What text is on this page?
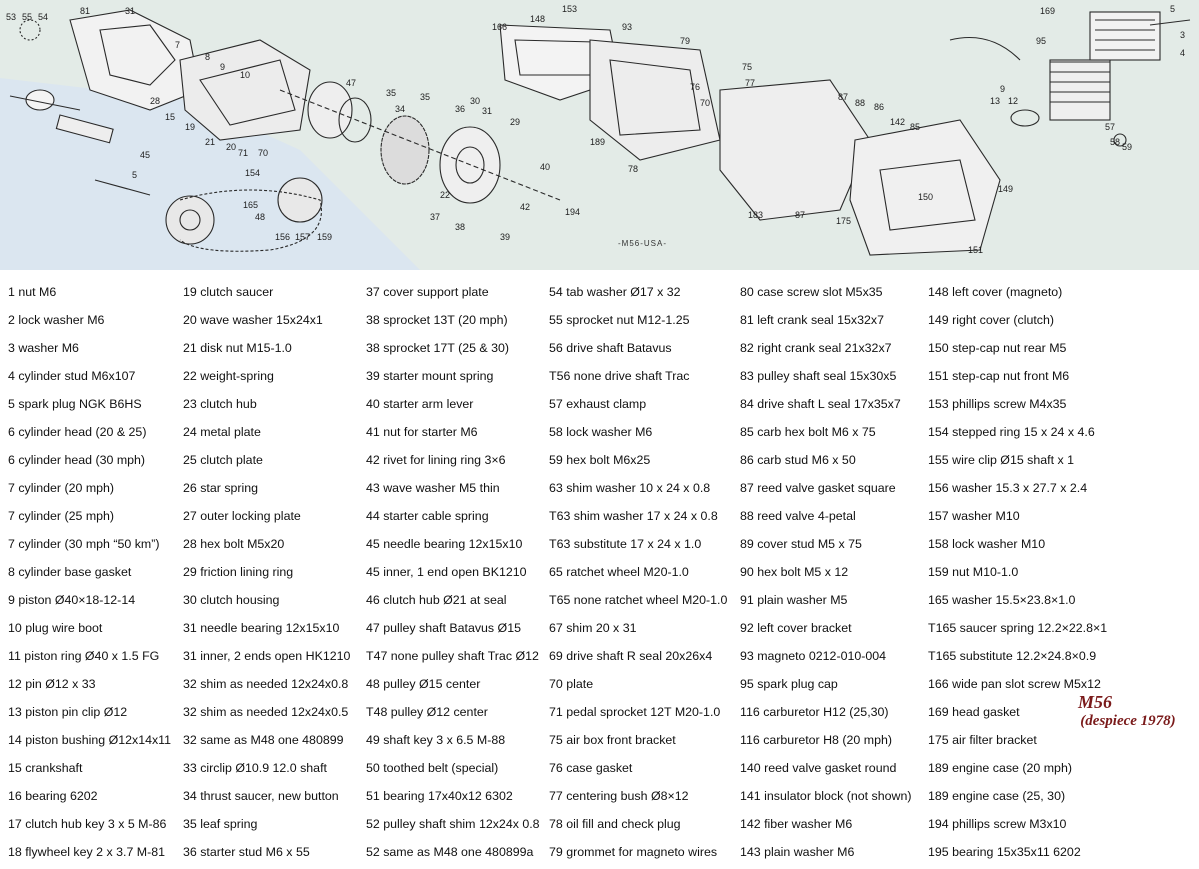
53 55 54
81	31
7
8
9
10
28
15
19
21 20
71 70
45
5	154
165
48
156 157 159
47
35
34
35
36
30
31
29
22
37
38
39
42
40
194
166
148
153
93
79
76
70
75
77
189
78
183	87
87
88 86
142 85
175
150
151
149
169
95
9
13 12
57
58 59
5
3
4
-M56-USA-
1 nut M6
2 lock washer M6
3 washer M6
4 cylinder stud M6x107
5 spark plug NGK B6HS
6 cylinder head (20 & 25)
6 cylinder head (30 mph)
7 cylinder (20 mph)
7 cylinder (25 mph)
7 cylinder (30 mph “50 km”)
8 cylinder base gasket
9 piston Ø40×18-12-14
10 plug wire boot
11 piston ring Ø40 x 1.5 FG
12 pin Ø12 x 33
13 piston pin clip Ø12
14 piston bushing Ø12x14x11
15 crankshaft
16 bearing 6202
17 clutch hub key 3 x 5 M-86
18 flywheel key 2 x 3.7 M-81
19 clutch saucer
20 wave washer 15x24x1
21 disk nut M15-1.0
22 weight-spring
23 clutch hub
24 metal plate
25 clutch plate
26 star spring
27 outer locking plate
28 hex bolt M5x20
29 friction lining ring
30 clutch housing
31 needle bearing 12x15x10
31 inner, 2 ends open HK1210
32 shim as needed 12x24x0.8
32 shim as needed 12x24x0.5
32 same as M48 one 480899
33 circlip Ø10.9 12.0 shaft
34 thrust saucer, new button
35 leaf spring
36 starter stud M6 x 55
37 cover support plate
38 sprocket 13T (20 mph)
38 sprocket 17T (25 & 30)
39 starter mount spring
40 starter arm lever
41 nut for starter M6
42 rivet for lining ring 3×6
43 wave washer M5 thin
44 starter cable spring
45 needle bearing 12x15x10
45 inner, 1 end open BK1210
46 clutch hub Ø21 at seal
47 pulley shaft Batavus Ø15
T47 none pulley shaft Trac Ø12
48 pulley Ø15 center
T48 pulley Ø12 center
49 shaft key 3 x 6.5 M-88
50 toothed belt (special)
51 bearing 17x40x12 6302
52 pulley shaft shim 12x24x 0.8
52 same as M48 one 480899a
54 tab washer Ø17 x 32
55 sprocket nut M12-1.25
56 drive shaft Batavus
T56 none drive shaft Trac
57 exhaust clamp
58 lock washer M6
59 hex bolt M6x25
63 shim washer 10 x 24 x 0.8
T63 shim washer 17 x 24 x 0.8
T63 substitute 17 x 24 x 1.0
65 ratchet wheel M20-1.0
T65 none ratchet wheel M20-1.0
67 shim 20 x 31
69 drive shaft R seal 20x26x4
70 plate
71 pedal sprocket 12T M20-1.0
75 air box front bracket
76 case gasket
77 centering bush Ø8×12
78 oil fill and check plug
79 grommet for magneto wires
80 case screw slot M5x35
81 left crank seal 15x32x7
82 right crank seal 21x32x7
83 pulley shaft seal 15x30x5
84 drive shaft L seal 17x35x7
85 carb hex bolt M6 x 75
86 carb stud M6 x 50
87 reed valve gasket square
88 reed valve 4-petal
89 cover stud M5 x 75
90 hex bolt M5 x 12
91 plain washer M5
92 left cover bracket
93 magneto 0212-010-004
95 spark plug cap
116 carburetor H12 (25,30)
116 carburetor H8 (20 mph)
140 reed valve gasket round
141 insulator block (not shown)
142 fiber washer M6
143 plain washer M6
148 left cover (magneto)
149 right cover (clutch)
150 step-cap nut rear M5
151 step-cap nut front M6
153 phillips screw M4x35
154 stepped ring 15 x 24 x 4.6
155 wire clip Ø15 shaft x 1
156 washer 15.3 x 27.7 x 2.4
157 washer M10
158 lock washer M10
159 nut M10-1.0
165 washer 15.5×23.8×1.0
T165 saucer spring 12.2×22.8×1
T165 substitute 12.2×24.8×0.9
166 wide pan slot screw M5x12
169 head gasket
175 air filter bracket
189 engine case (20 mph)
189 engine case (25, 30)
194 phillips screw M3x10
195 bearing 15x35x11 6202
M56
(despiece 1978)
